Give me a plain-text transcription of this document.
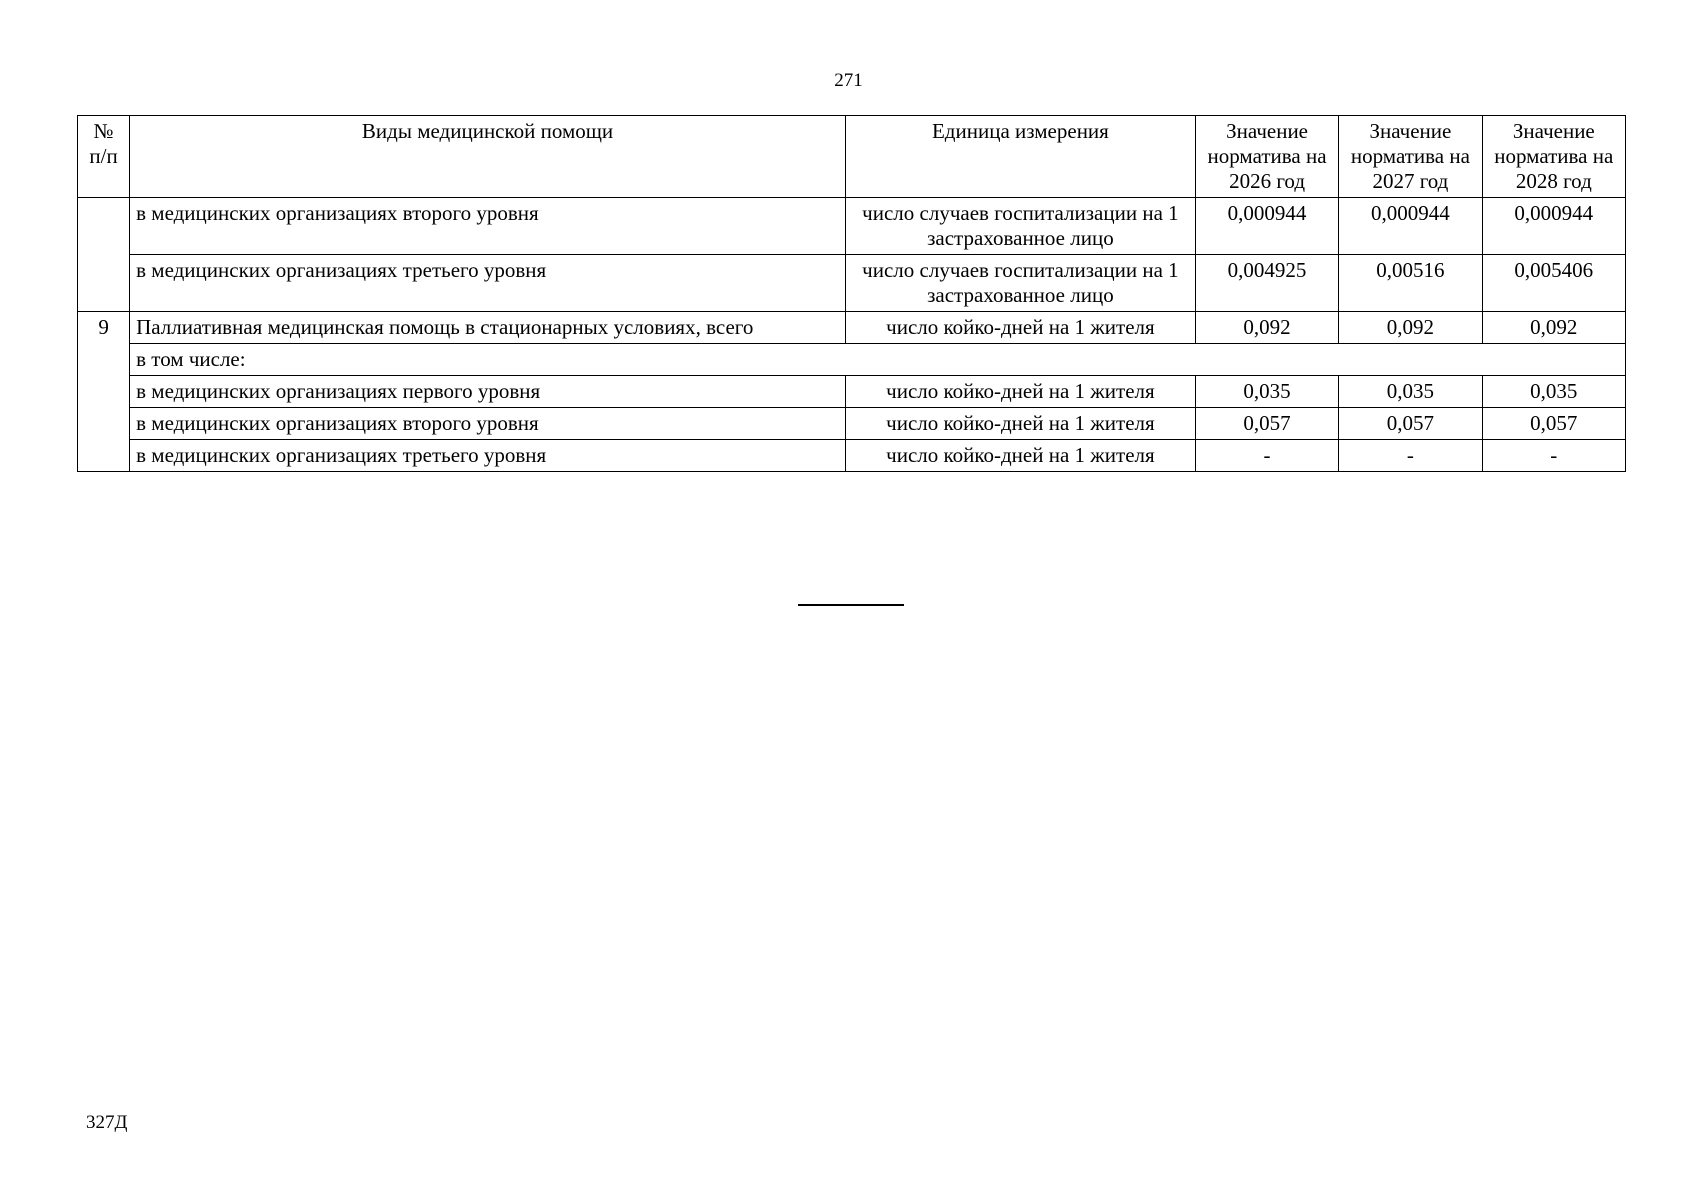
271
№ п/п	Виды медицинской помощи	Единица измерения	Значение норматива на 2026 год	Значение норматива на 2027 год	Значение норматива на 2028 год
	в медицинских организациях второго уровня	число случаев госпитализации на 1 застрахованное лицо	0,000944	0,000944	0,000944
	в медицинских организациях третьего уровня	число случаев госпитализации на 1 застрахованное лицо	0,004925	0,00516	0,005406
9	Паллиативная медицинская помощь в стационарных условиях, всего	число койко-дней на 1 жителя	0,092	0,092	0,092
	в том числе:				
	в медицинских организациях первого уровня	число койко-дней на 1 жителя	0,035	0,035	0,035
	в медицинских организациях второго уровня	число койко-дней на 1 жителя	0,057	0,057	0,057
	в медицинских организациях третьего уровня	число койко-дней на 1 жителя	-	-	-
327Д
